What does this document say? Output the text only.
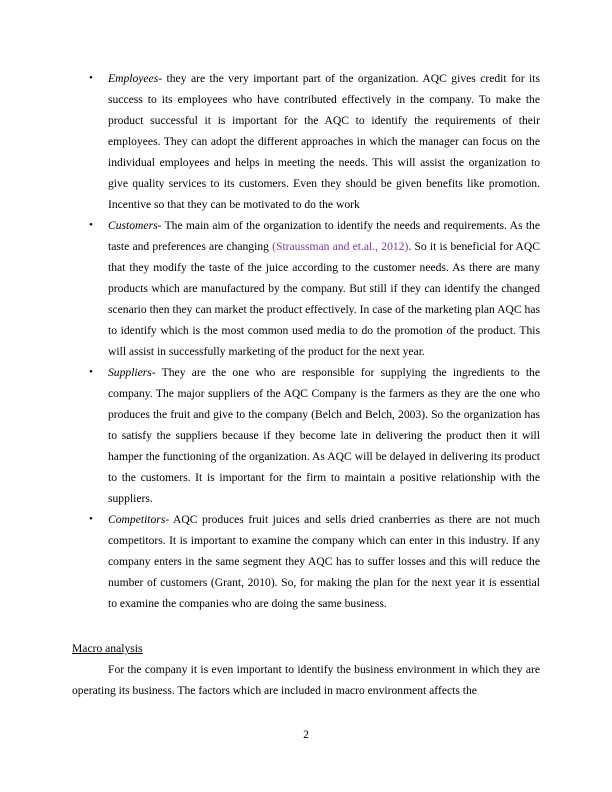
• Employees- they are the very important part of the organization. AQC gives credit for its success to its employees who have contributed effectively in the company. To make the product successful it is important for the AQC to identify the requirements of their employees. They can adopt the different approaches in which the manager can focus on the individual employees and helps in meeting the needs. This will assist the organization to give quality services to its customers. Even they should be given benefits like promotion. Incentive so that they can be motivated to do the work
• Customers- The main aim of the organization to identify the needs and requirements. As the taste and preferences are changing (Straussman and et.al., 2012). So it is beneficial for AQC that they modify the taste of the juice according to the customer needs. As there are many products which are manufactured by the company. But still if they can identify the changed scenario then they can market the product effectively. In case of the marketing plan AQC has to identify which is the most common used media to do the promotion of the product. This will assist in successfully marketing of the product for the next year.
• Suppliers- They are the one who are responsible for supplying the ingredients to the company. The major suppliers of the AQC Company is the farmers as they are the one who produces the fruit and give to the company (Belch and Belch, 2003). So the organization has to satisfy the suppliers because if they become late in delivering the product then it will hamper the functioning of the organization. As AQC will be delayed in delivering its product to the customers. It is important for the firm to maintain a positive relationship with the suppliers.
• Competitors- AQC produces fruit juices and sells dried cranberries as there are not much competitors. It is important to examine the company which can enter in this industry. If any company enters in the same segment they AQC has to suffer losses and this will reduce the number of customers (Grant, 2010). So, for making the plan for the next year it is essential to examine the companies who are doing the same business.
Macro analysis

For the company it is even important to identify the business environment in which they are operating its business. The factors which are included in macro environment affects the

2
